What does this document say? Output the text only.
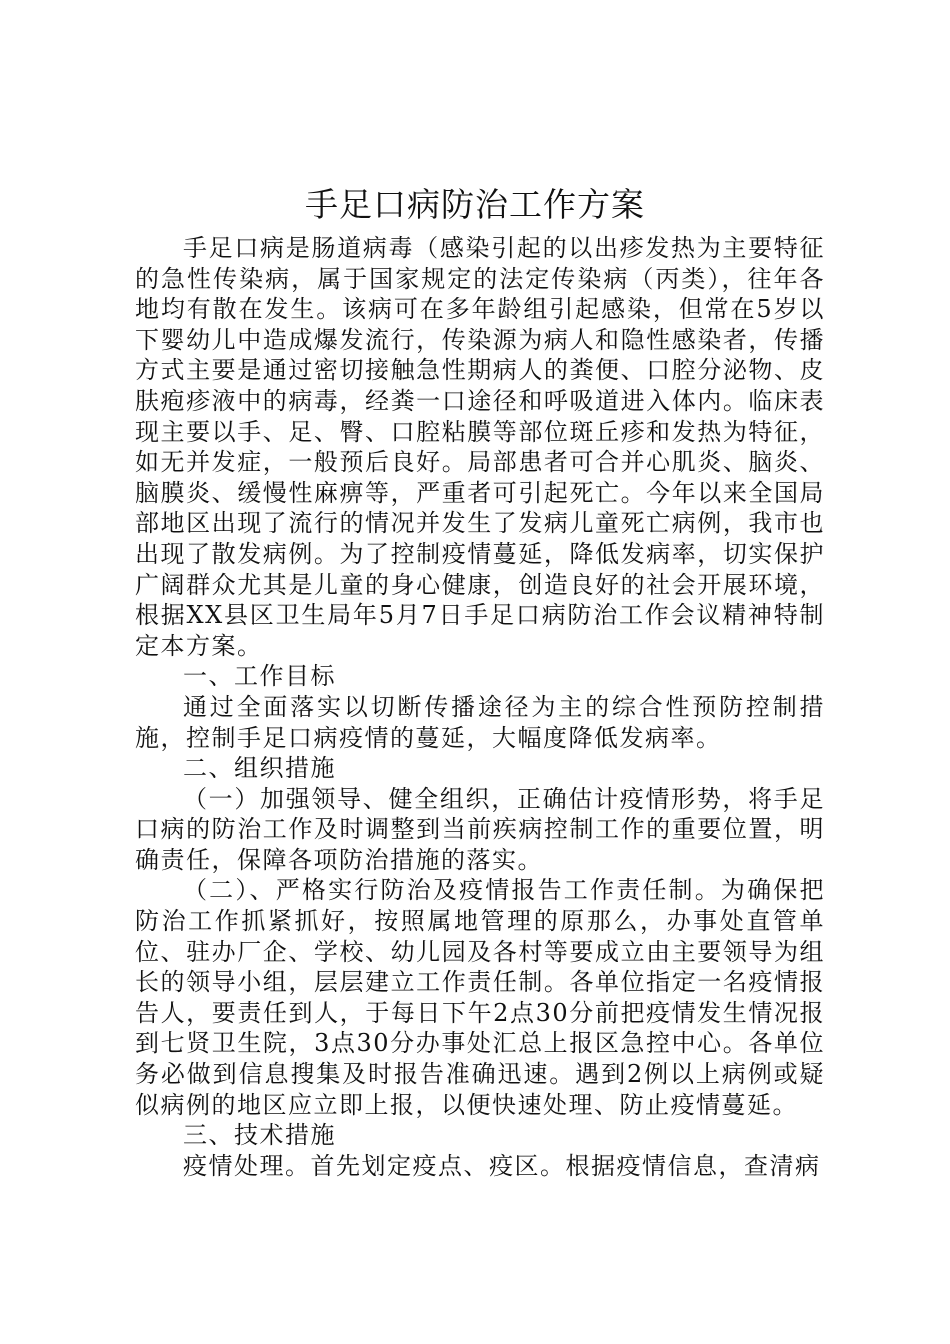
手足口病防治工作方案

手足口病是肠道病毒（感染引起的以出疹发热为主要特征的急性传染病，属于国家规定的法定传染病（丙类），往年各地均有散在发生。该病可在多年龄组引起感染，但常在5岁以下婴幼儿中造成爆发流行，传染源为病人和隐性感染者，传播方式主要是通过密切接触急性期病人的粪便、口腔分泌物、皮肤疱疹液中的病毒，经粪一口途径和呼吸道进入体内。临床表现主要以手、足、臀、口腔粘膜等部位斑丘疹和发热为特征，如无并发症，一般预后良好。局部患者可合并心肌炎、脑炎、脑膜炎、缓慢性麻痹等，严重者可引起死亡。今年以来全国局部地区出现了流行的情况并发生了发病儿童死亡病例，我市也出现了散发病例。为了控制疫情蔓延，降低发病率，切实保护广阔群众尤其是儿童的身心健康，创造良好的社会开展环境，根据XX县区卫生局年5月7日手足口病防治工作会议精神特制定本方案。

一、工作目标

通过全面落实以切断传播途径为主的综合性预防控制措施，控制手足口病疫情的蔓延，大幅度降低发病率。

二、组织措施

（一）加强领导、健全组织，正确估计疫情形势，将手足口病的防治工作及时调整到当前疾病控制工作的重要位置，明确责任，保障各项防治措施的落实。

（二）、严格实行防治及疫情报告工作责任制。为确保把防治工作抓紧抓好，按照属地管理的原那么，办事处直管单位、驻办厂企、学校、幼儿园及各村等要成立由主要领导为组长的领导小组，层层建立工作责任制。各单位指定一名疫情报告人，要责任到人，于每日下午2点30分前把疫情发生情况报到七贤卫生院，3点30分办事处汇总上报区急控中心。各单位务必做到信息搜集及时报告准确迅速。遇到2例以上病例或疑似病例的地区应立即上报，以便快速处理、防止疫情蔓延。

三、技术措施

疫情处理。首先划定疫点、疫区。根据疫情信息，查清病
